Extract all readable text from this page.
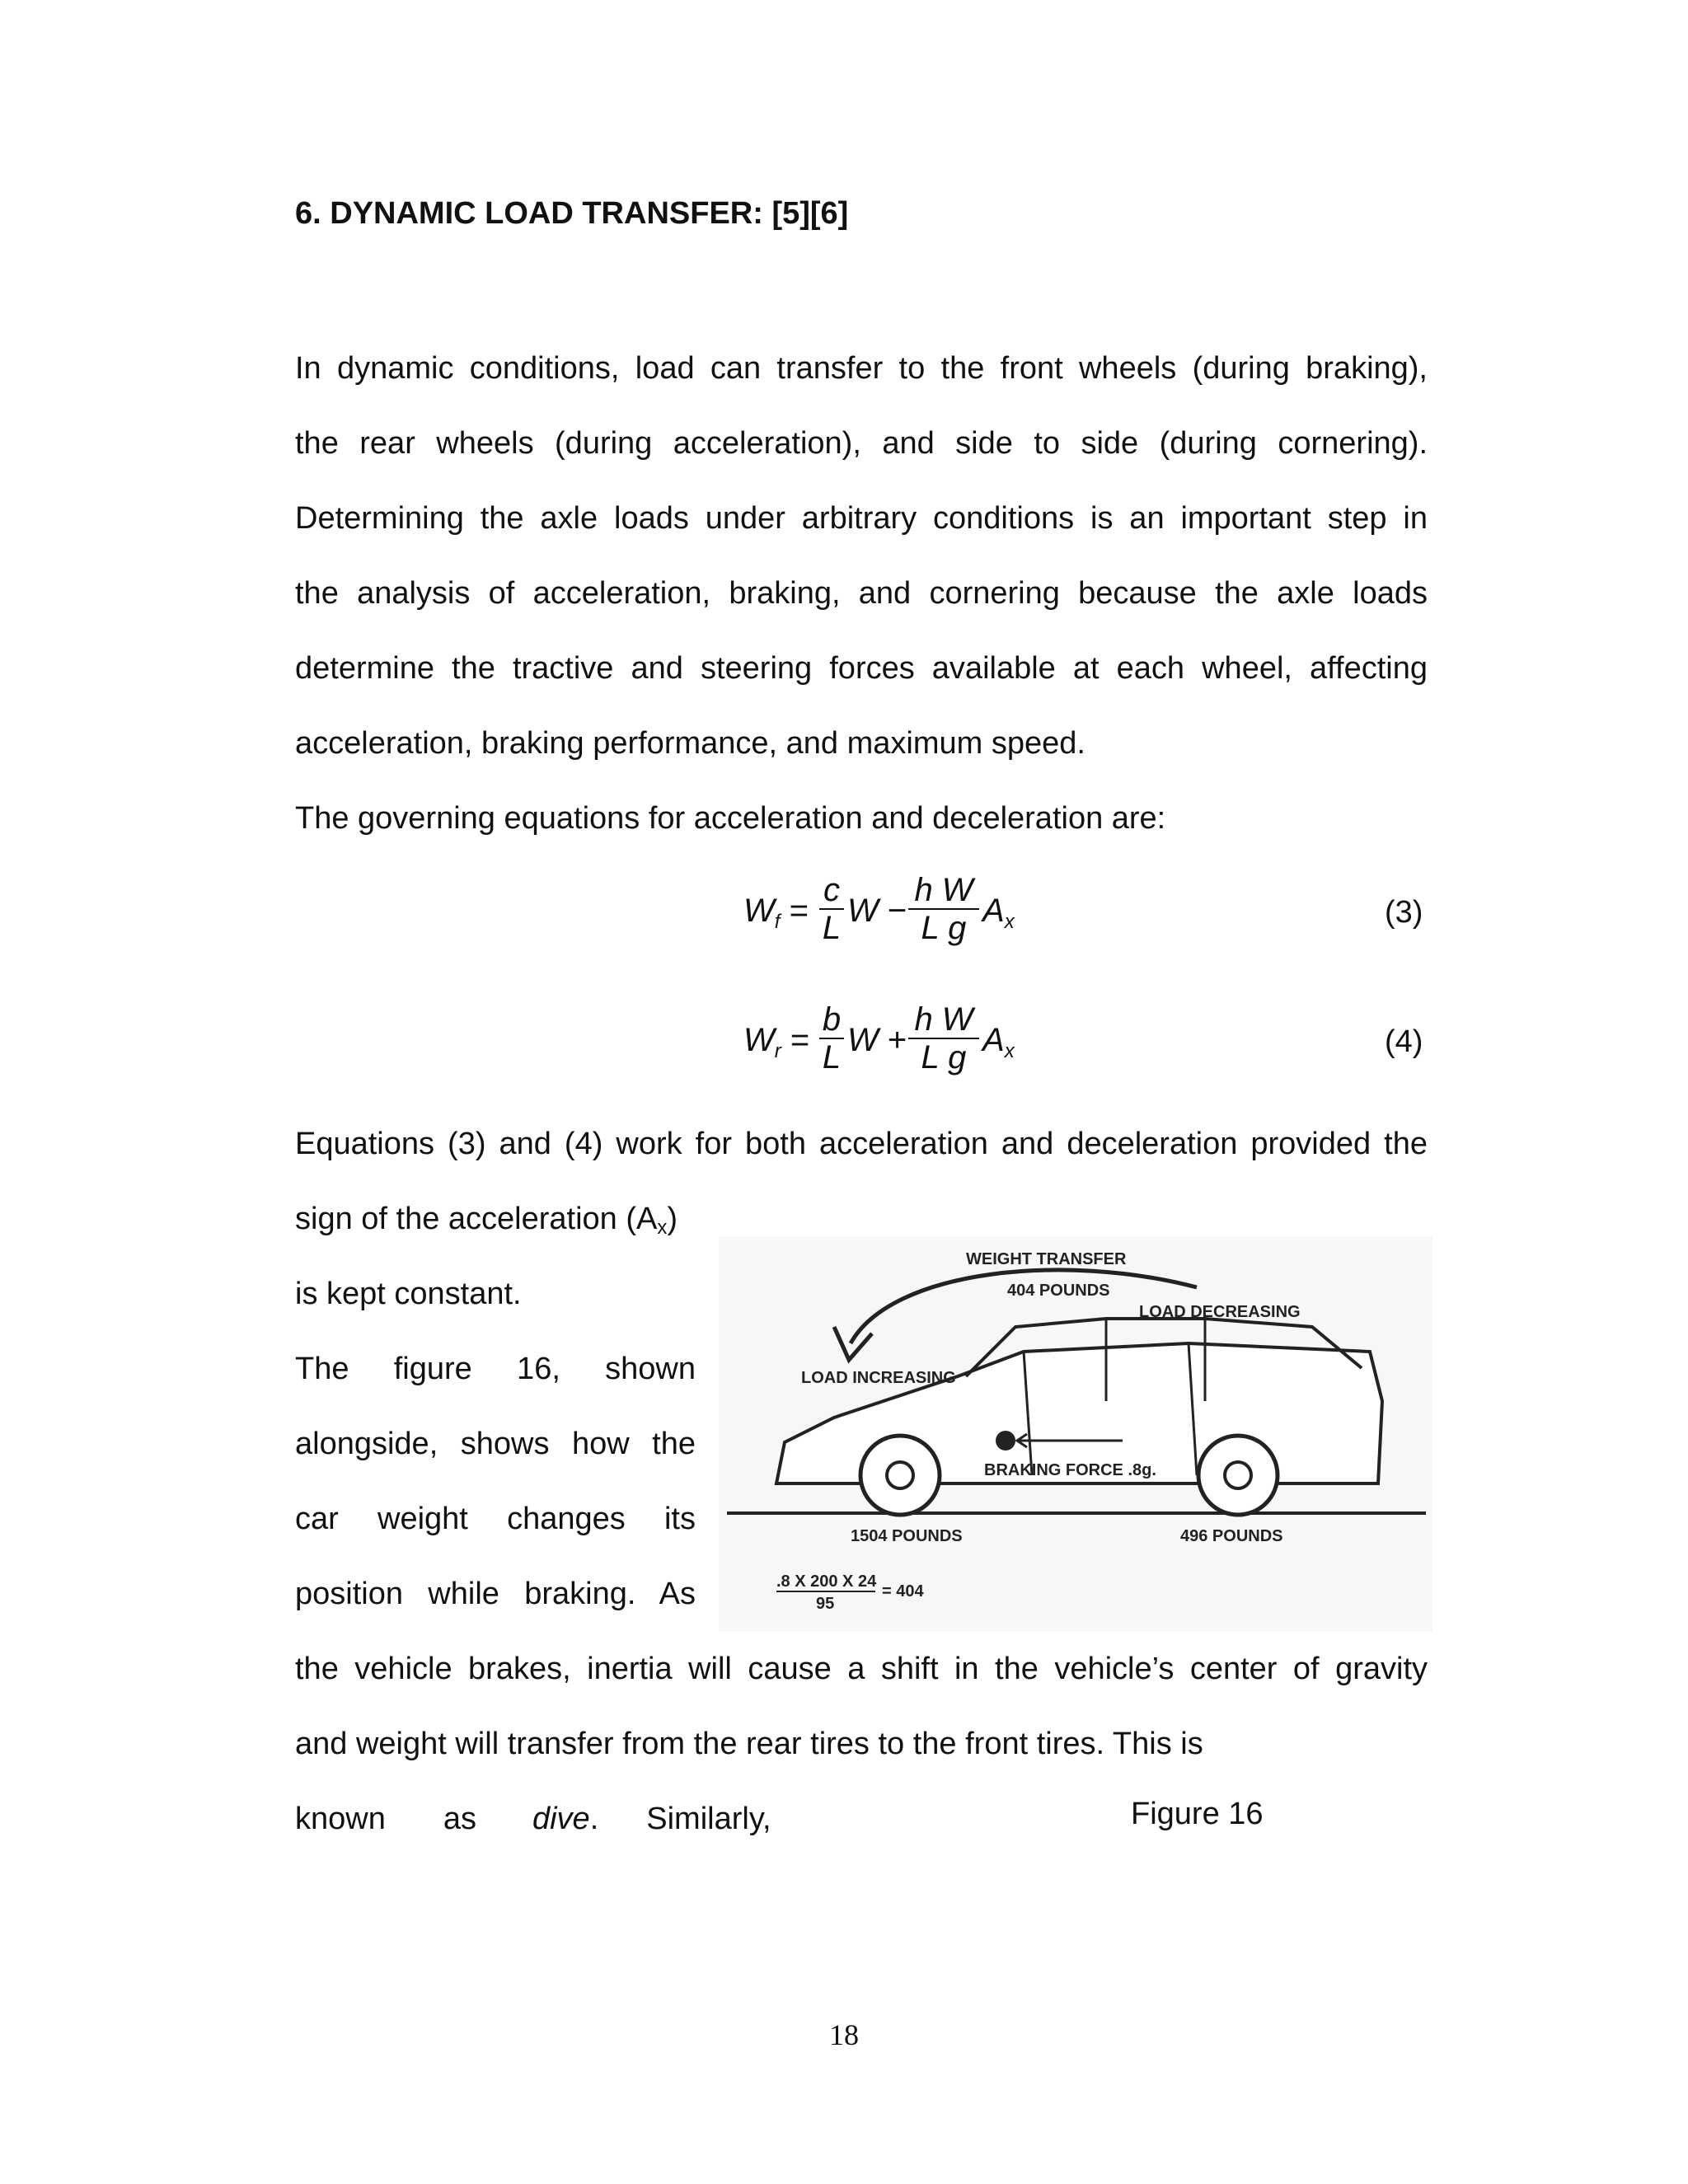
6. DYNAMIC LOAD TRANSFER: [5][6]
In dynamic conditions, load can transfer to the front wheels (during braking),
the rear wheels (during acceleration), and side to side (during cornering).
Determining the axle loads under arbitrary conditions is an important step in
the analysis of acceleration, braking, and cornering because the axle loads
determine the tractive and steering forces available at each wheel, affecting
acceleration, braking performance, and maximum speed.
The governing equations for acceleration and deceleration are:
$W_f = \frac{c}{L}$ $W - \frac{\text{h W}}{\text{L g}} A_x$	(3)
$W_r = \frac{b}{L}$ $W + \frac{\text{h W}}{\text{L g}} A_x$	(4)
Equations (3) and (4) work for both acceleration and deceleration provided the
sign of the acceleration (Ax)
is kept constant.
The figure 16, shown
alongside, shows how the
car weight changes its
position while braking. As
the vehicle brakes, inertia will cause a shift in the vehicle’s center of gravity
and weight will transfer from the rear tires to the front tires. This is
known as dive. Similarly,	Figure 16
WEIGHT TRANSFER
404 POUNDS
LOAD DECREASING
LOAD INCREASING
BRAKING FORCE .8g.
1504 POUNDS	496 POUNDS
.8 X 200 X 24
95
= 404
18
